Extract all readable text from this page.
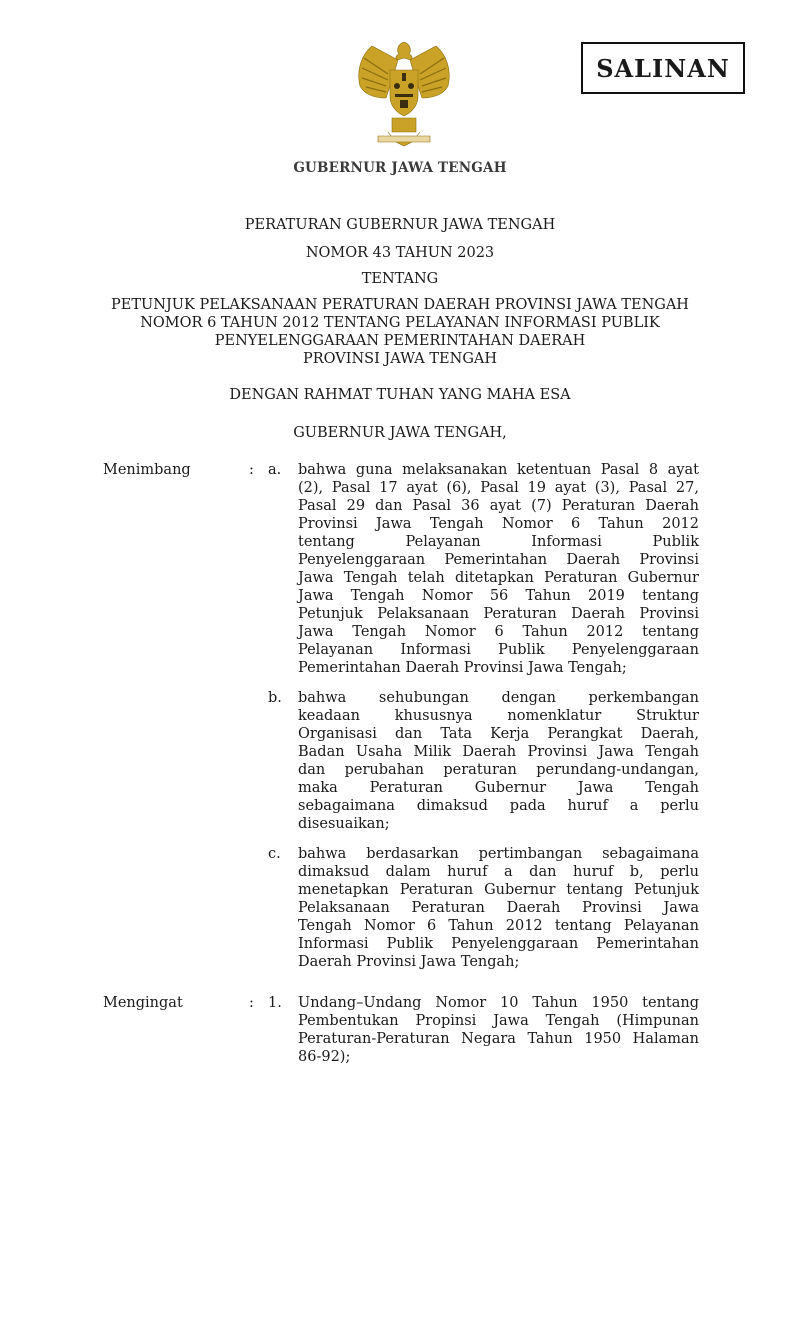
SALINAN
GUBERNUR JAWA TENGAH
PERATURAN GUBERNUR JAWA TENGAH
NOMOR 43 TAHUN 2023
TENTANG
PETUNJUK PELAKSANAAN PERATURAN DAERAH PROVINSI JAWA TENGAH
NOMOR 6 TAHUN 2012 TENTANG PELAYANAN INFORMASI PUBLIK
PENYELENGGARAAN PEMERINTAHAN DAERAH
PROVINSI JAWA TENGAH
DENGAN RAHMAT TUHAN YANG MAHA ESA
GUBERNUR JAWA TENGAH,
Menimbang	: a. bahwa guna melaksanakan ketentuan Pasal 8 ayat
(2), Pasal 17 ayat (6), Pasal 19 ayat (3), Pasal 27,
Pasal 29 dan Pasal 36 ayat (7) Peraturan Daerah
Provinsi Jawa Tengah Nomor 6 Tahun 2012
tentang Pelayanan Informasi Publik
Penyelenggaraan Pemerintahan Daerah Provinsi
Jawa Tengah telah ditetapkan Peraturan Gubernur
Jawa Tengah Nomor 56 Tahun 2019 tentang
Petunjuk Pelaksanaan Peraturan Daerah Provinsi
Jawa Tengah Nomor 6 Tahun 2012 tentang
Pelayanan Informasi Publik Penyelenggaraan
Pemerintahan Daerah Provinsi Jawa Tengah;
b. bahwa sehubungan dengan perkembangan
keadaan khususnya nomenklatur Struktur
Organisasi dan Tata Kerja Perangkat Daerah,
Badan Usaha Milik Daerah Provinsi Jawa Tengah
dan perubahan peraturan perundang-undangan,
maka Peraturan Gubernur Jawa Tengah
sebagaimana dimaksud pada huruf a perlu
disesuaikan;
c. bahwa berdasarkan pertimbangan sebagaimana
dimaksud dalam huruf a dan huruf b, perlu
menetapkan Peraturan Gubernur tentang Petunjuk
Pelaksanaan Peraturan Daerah Provinsi Jawa
Tengah Nomor 6 Tahun 2012 tentang Pelayanan
Informasi Publik Penyelenggaraan Pemerintahan
Daerah Provinsi Jawa Tengah;
Mengingat	: 1. Undang–Undang Nomor 10 Tahun 1950 tentang
Pembentukan Propinsi Jawa Tengah (Himpunan
Peraturan-Peraturan Negara Tahun 1950 Halaman
86-92);
